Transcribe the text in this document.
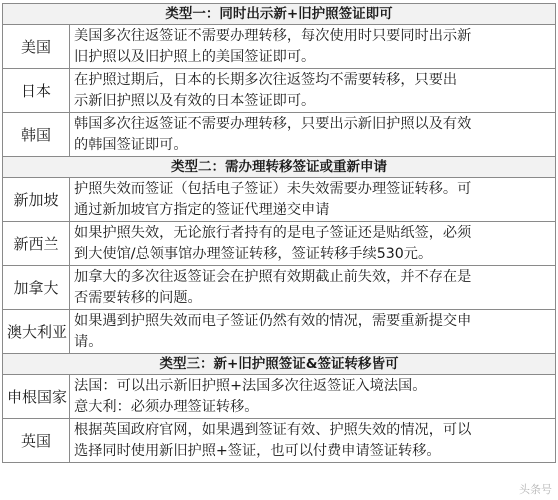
类型一：同时出示新+旧护照签证即可	
美国	美国多次往返签证不需要办理转移，每次使用时只要同时出示新
旧护照以及旧护照上的美国签证即可。

日本	在护照过期后，日本的长期多次往返签均不需要转移，只要出
示新旧护照以及有效的日本签证即可。

韩国	韩国多次往返签证不需要办理转移，只要出示新旧护照以及有效
的韩国签证即可。

类型二：需办理转移签证或重新申请	
新加坡	护照失效而签证（包括电子签证）未失效需要办理签证转移。可
通过新加坡官方指定的签证代理递交申请

新西兰	如果护照失效，无论旅行者持有的是电子签证还是贴纸签，必须
到大使馆/总领事馆办理签证转移，签证转移手续530元。

加拿大	加拿大的多次往返签证会在护照有效期截止前失效，并不存在是
否需要转移的问题。

澳大利亚	如果遇到护照失效而电子签证仍然有效的情况，需要重新提交申
请。

类型三：新+旧护照签证&签证转移皆可	
申根国家	法国：可以出示新旧护照+法国多次往返签证入境法国。
意大利：必须办理签证转移。

英国	根据英国政府官网，如果遇到签证有效、护照失效的情况，可以
选择同时使用新旧护照+签证，也可以付费申请签证转移。
头条号
